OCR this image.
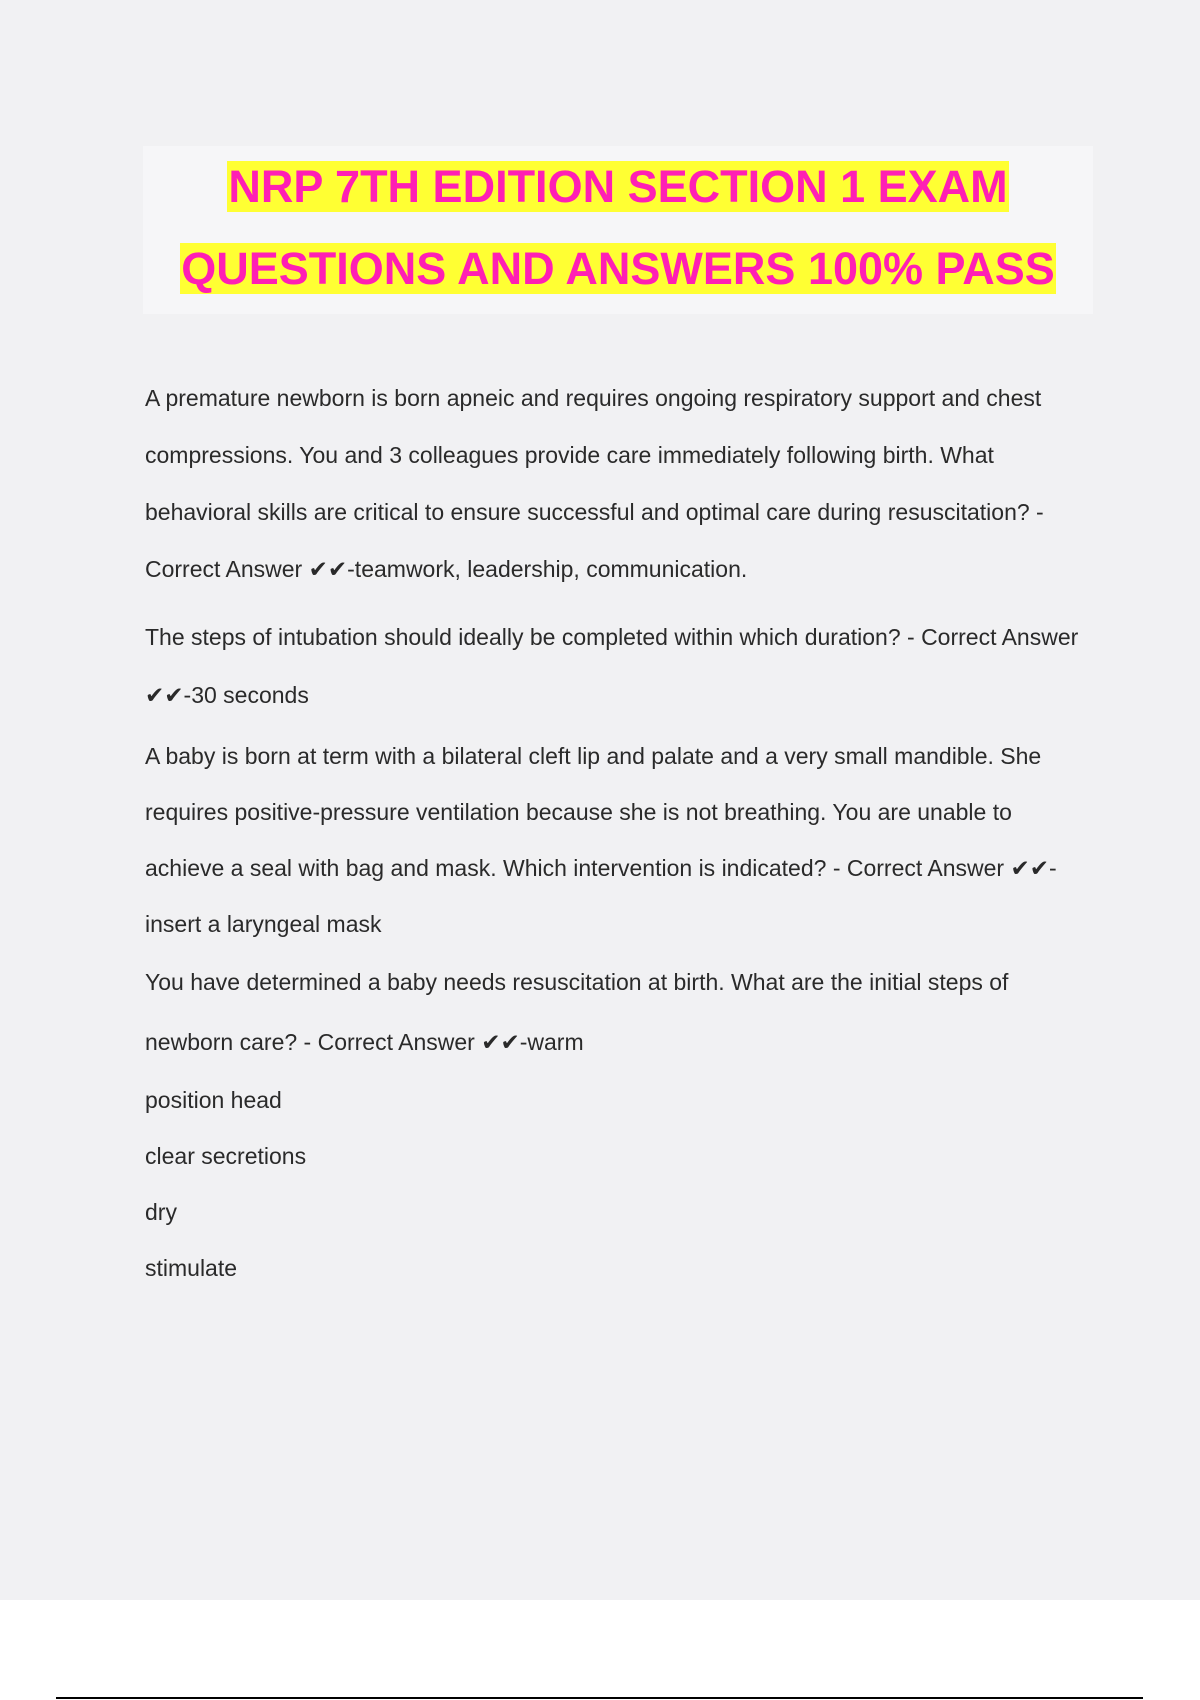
NRP 7TH EDITION SECTION 1 EXAM
QUESTIONS AND ANSWERS 100% PASS

A premature newborn is born apneic and requires ongoing respiratory support and chest compressions. You and 3 colleagues provide care immediately following birth. What behavioral skills are critical to ensure successful and optimal care during resuscitation? - Correct Answer ✔✔-teamwork, leadership, communication.

The steps of intubation should ideally be completed within which duration? - Correct Answer ✔✔-30 seconds

A baby is born at term with a bilateral cleft lip and palate and a very small mandible. She requires positive-pressure ventilation because she is not breathing. You are unable to achieve a seal with bag and mask. Which intervention is indicated? - Correct Answer ✔✔-insert a laryngeal mask

You have determined a baby needs resuscitation at birth. What are the initial steps of newborn care? - Correct Answer ✔✔-warm

position head

clear secretions

dry

stimulate
